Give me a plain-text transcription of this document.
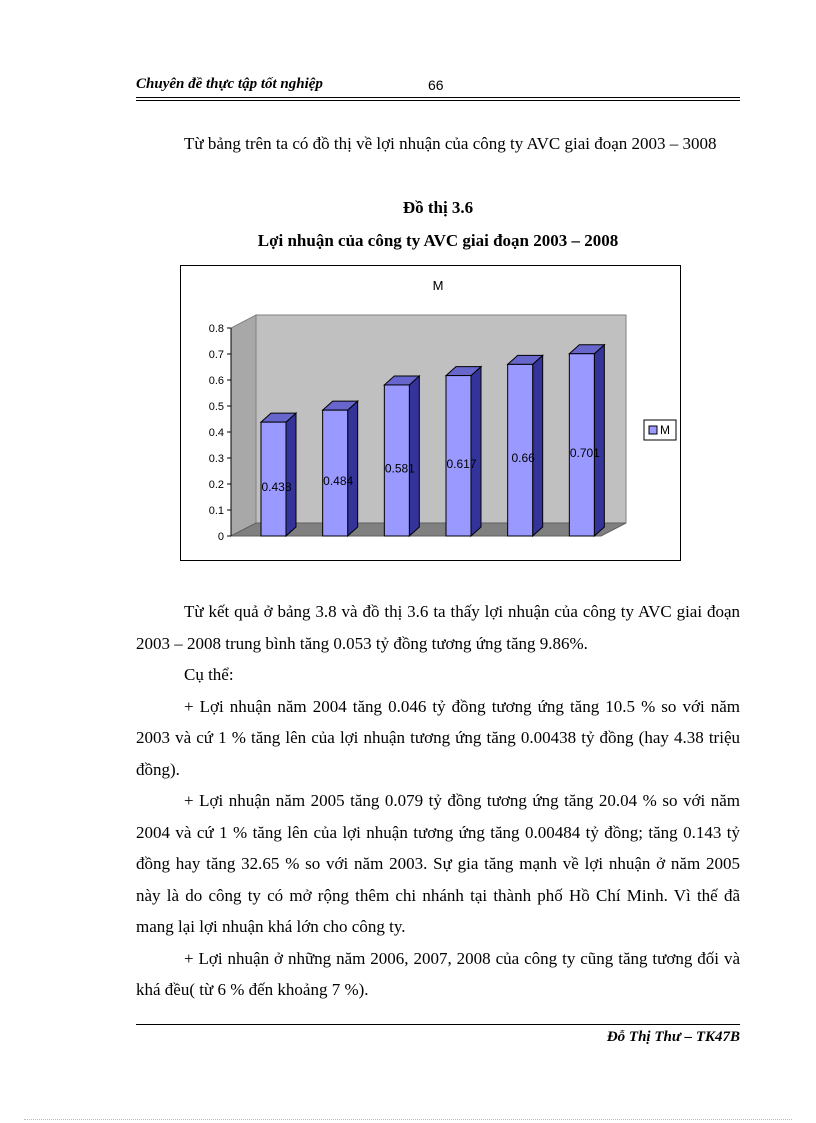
Chuyên đề thực tập tốt nghiệp	66
Từ bảng trên ta có đồ thị về lợi nhuận của công ty AVC giai đoạn 2003 – 3008
Đồ thị 3.6
Lợi nhuận của công ty AVC giai đoạn 2003 – 2008
0
0.1
0.2
0.3
0.4
0.5
0.6
0.7
0.8
0.438	0.484
0.581	0.617	0.66	0.701
M
M

Từ kết quả ở bảng 3.8 và đồ thị 3.6 ta thấy lợi nhuận của công ty AVC giai đoạn 2003 – 2008 trung bình tăng 0.053 tỷ đồng tương ứng tăng 9.86%.

Cụ thể:

+ Lợi nhuận năm 2004 tăng 0.046 tỷ đồng tương ứng tăng 10.5 % so với năm 2003 và cứ 1 % tăng lên của lợi nhuận tương ứng tăng 0.00438 tỷ đồng (hay 4.38 triệu đồng).

+ Lợi nhuận năm 2005 tăng 0.079 tỷ đồng tương ứng tăng 20.04 % so với năm 2004 và cứ 1 % tăng lên của lợi nhuận tương ứng tăng 0.00484 tỷ đồng; tăng 0.143 tỷ đồng hay tăng 32.65 % so với năm 2003. Sự gia tăng mạnh về lợi nhuận ở năm 2005 này là do công ty có mở rộng thêm chi nhánh tại thành phố Hồ Chí Minh. Vì thế đã mang lại lợi nhuận khá lớn cho công ty.

+ Lợi nhuận ở những năm 2006, 2007, 2008 của công ty cũng tăng tương đối và khá đều( từ 6 % đến khoảng 7 %).

Đỗ Thị Thư – TK47B
